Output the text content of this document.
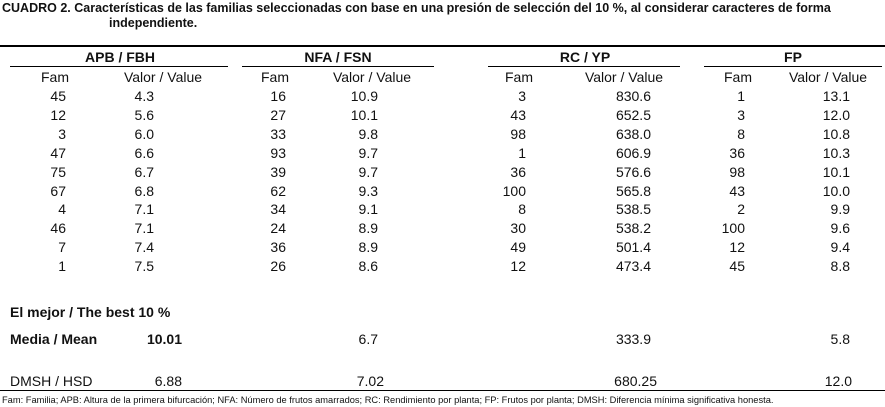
CUADRO 2. Características de las familias seleccionadas con base en una presión de selección del 10 %, al considerar caracteres de forma
independiente.
APB / FBH	NFA / FSN	RC / YP	FP
Fam	Valor / Value	Fam	Valor / Value	Fam	Valor / Value	Fam	Valor / Value
45	4.3	16	10.9	3	830.6	1	13.1
12	5.6	27	10.1	43	652.5	3	12.0
3	6.0	33	9.8	98	638.0	8	10.8
47	6.6	93	9.7	1	606.9	36	10.3
75	6.7	39	9.7	36	576.6	98	10.1
67	6.8	62	9.3	100	565.8	43	10.0
4	7.1	34	9.1	8	538.5	2	9.9
46	7.1	24	8.9	30	538.2	100	9.6
7	7.4	36	8.9	49	501.4	12	9.4
1	7.5	26	8.6	12	473.4	45	8.8
El mejor / The best 10 %
Media / Mean	10.01	6.7	333.9	5.8
DMSH / HSD	6.88	7.02	680.25	12.0
Fam: Familia; APB: Altura de la primera bifurcación; NFA: Número de frutos amarrados; RC: Rendimiento por planta; FP: Frutos por planta; DMSH: Diferencia mínima significativa honesta.
